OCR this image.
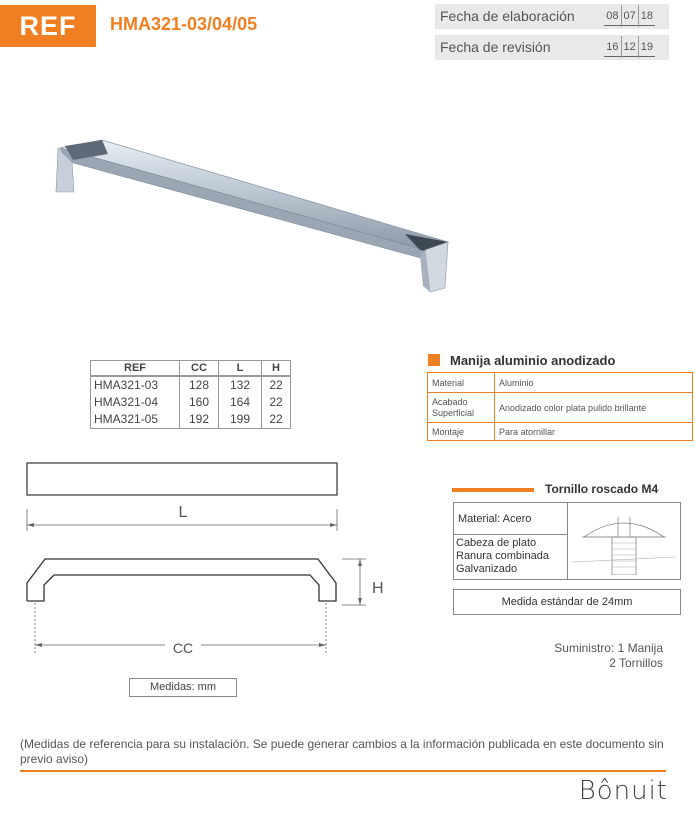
REF	HMA321-03/04/05	Fecha de elaboración	08 07 18
Fecha de revisión	16 12 19
REF	CC	L	H
HMA321-03	128	132	22
HMA321-04	160	164	22
HMA321-05	192	199	22
Manija aluminio anodizado
Material	Aluminio
Acabado
Superficial	Anodizado color plata pulido brillante
Montaje	Para atornillar
L
H
CC
Tornillo roscado M4
Material: Acero
Cabeza de plato
Ranura combinada
Galvanizado
Medida estándar de 24mm
Suministro: 1 Manija
2 Tornillos
Medidas: mm
(Medidas de referencia para su instalación. Se puede generar cambios a la información publicada en este documento sin previo aviso)
Bônuit
